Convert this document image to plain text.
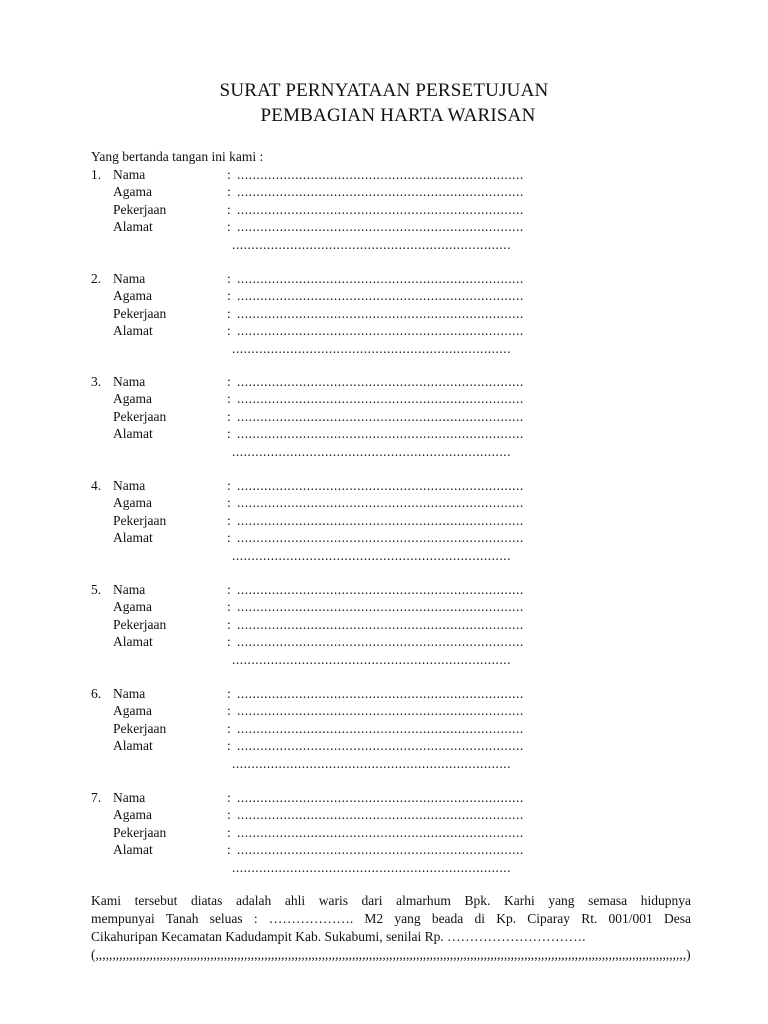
SURAT PERNYATAAN PERSETUJUAN
PEMBAGIAN HARTA WARISAN
Yang bertanda tangan ini kami :
1. Nama	: ..........................................................................
Agama	: ..........................................................................
Pekerjaan	: ..........................................................................
Alamat	: ..........................................................................
........................................................................
2. Nama	: ..........................................................................
Agama	: ..........................................................................
Pekerjaan	: ..........................................................................
Alamat	: ..........................................................................
........................................................................
3. Nama	: ..........................................................................
Agama	: ..........................................................................
Pekerjaan	: ..........................................................................
Alamat	: ..........................................................................
........................................................................
4. Nama	: ..........................................................................
Agama	: ..........................................................................
Pekerjaan	: ..........................................................................
Alamat	: ..........................................................................
........................................................................
5. Nama	: ..........................................................................
Agama	: ..........................................................................
Pekerjaan	: ..........................................................................
Alamat	: ..........................................................................
........................................................................
6. Nama	: ..........................................................................
Agama	: ..........................................................................
Pekerjaan	: ..........................................................................
Alamat	: ..........................................................................
........................................................................
7. Nama	: ..........................................................................
Agama	: ..........................................................................
Pekerjaan	: ..........................................................................
Alamat	: ..........................................................................
........................................................................
Kami tersebut diatas adalah ahli waris dari almarhum Bpk. Karhi yang semasa hidupnya
mempunyai Tanah seluas : ………………. M2 yang beada di Kp. Ciparay Rt. 001/001 Desa
Cikahuripan Kecamatan Kadudampit Kab. Sukabumi, senilai Rp. ………………………….
(,,,,,,,,,,,,,,,,,,,,,,,,,,,,,,,,,,,,,,,,,,,,,,,,,,,,,,,,,,,,,,,,,,,,,,,,,,,,,,,,,,,,,,,,,,,,,,,,,,,,,,,,,,,,,,,,,,,,,,,,,,,,,,,,,,,,,,,,,,,,,,,,,,,,,,,,,,,,,,,,,,,,,,,,,,,,,,,)
